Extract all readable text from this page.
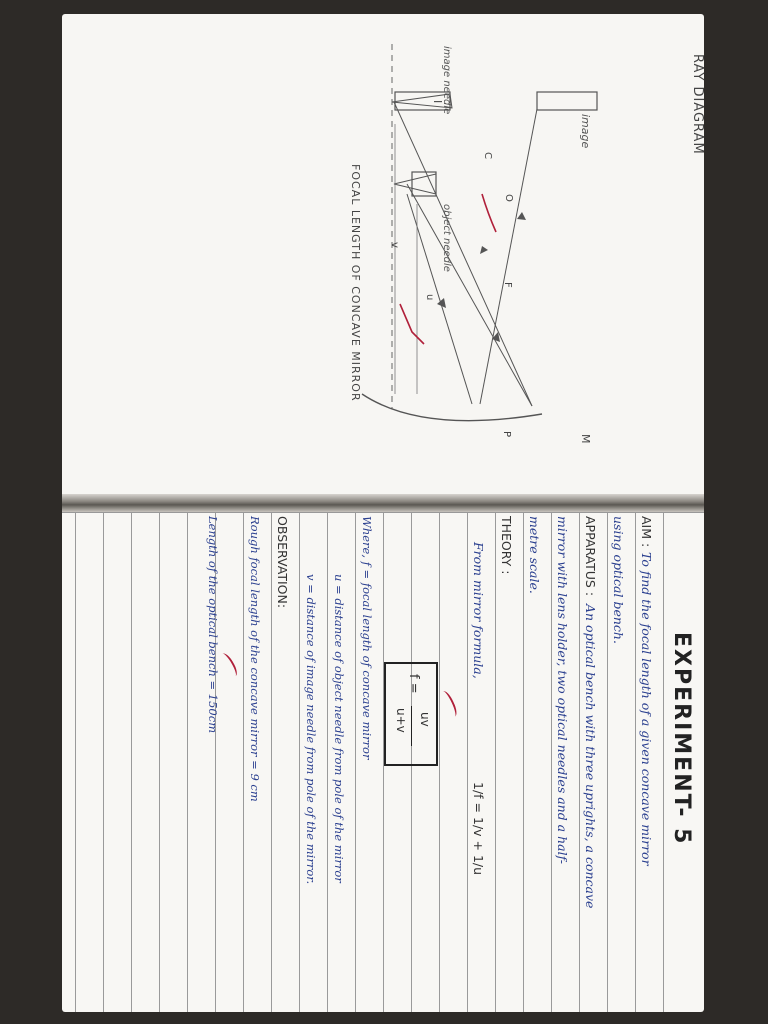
RAY DIAGRAM
FOCAL LENGTH OF CONCAVE MIRROR
image
image needle
object needle
I
C
O
F
P	M
v
u
EXPERIMENT- 5
AIM :
To find the focal length of a given concave mirror
using optical bench.
APPARATUS :
An optical bench with three uprights, a concave
mirror with lens holder, two optical needles and a half-
metre scale.
THEORY :
From mirror formula,
1/f = 1/v + 1/u
f =
uv
u+v
Where, f = focal length of concave mirror
u = distance of object needle from pole of the mirror
v = distance of image needle from pole of the mirror.
OBSERVATION:
Rough focal length of the concave mirror = 9 cm
Length of the optical bench = 150cm
